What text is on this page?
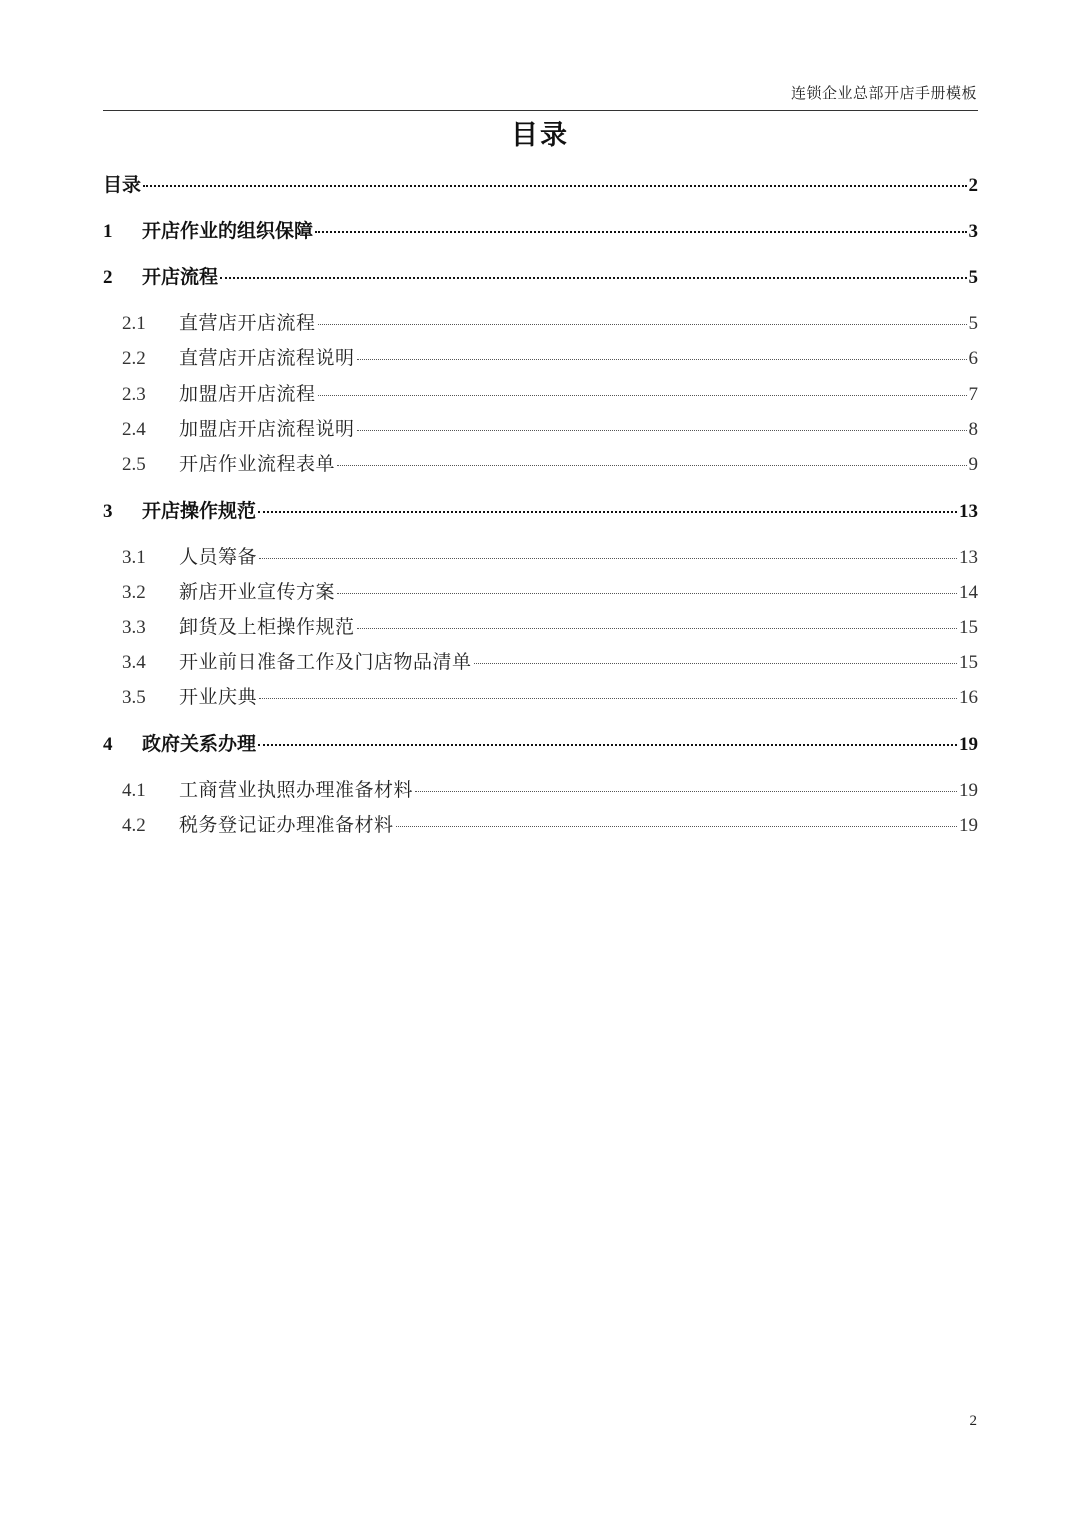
连锁企业总部开店手册模板
目录
目录	2
1	开店作业的组织保障	3
2	开店流程	5
2.1	直营店开店流程	5
2.2	直营店开店流程说明	6
2.3	加盟店开店流程	7
2.4	加盟店开店流程说明	8
2.5	开店作业流程表单	9
3	开店操作规范	13
3.1	人员筹备	13
3.2	新店开业宣传方案	14
3.3	卸货及上柜操作规范	15
3.4	开业前日准备工作及门店物品清单	15
3.5	开业庆典	16
4	政府关系办理	19
4.1	工商营业执照办理准备材料	19
4.2	税务登记证办理准备材料	19
2
